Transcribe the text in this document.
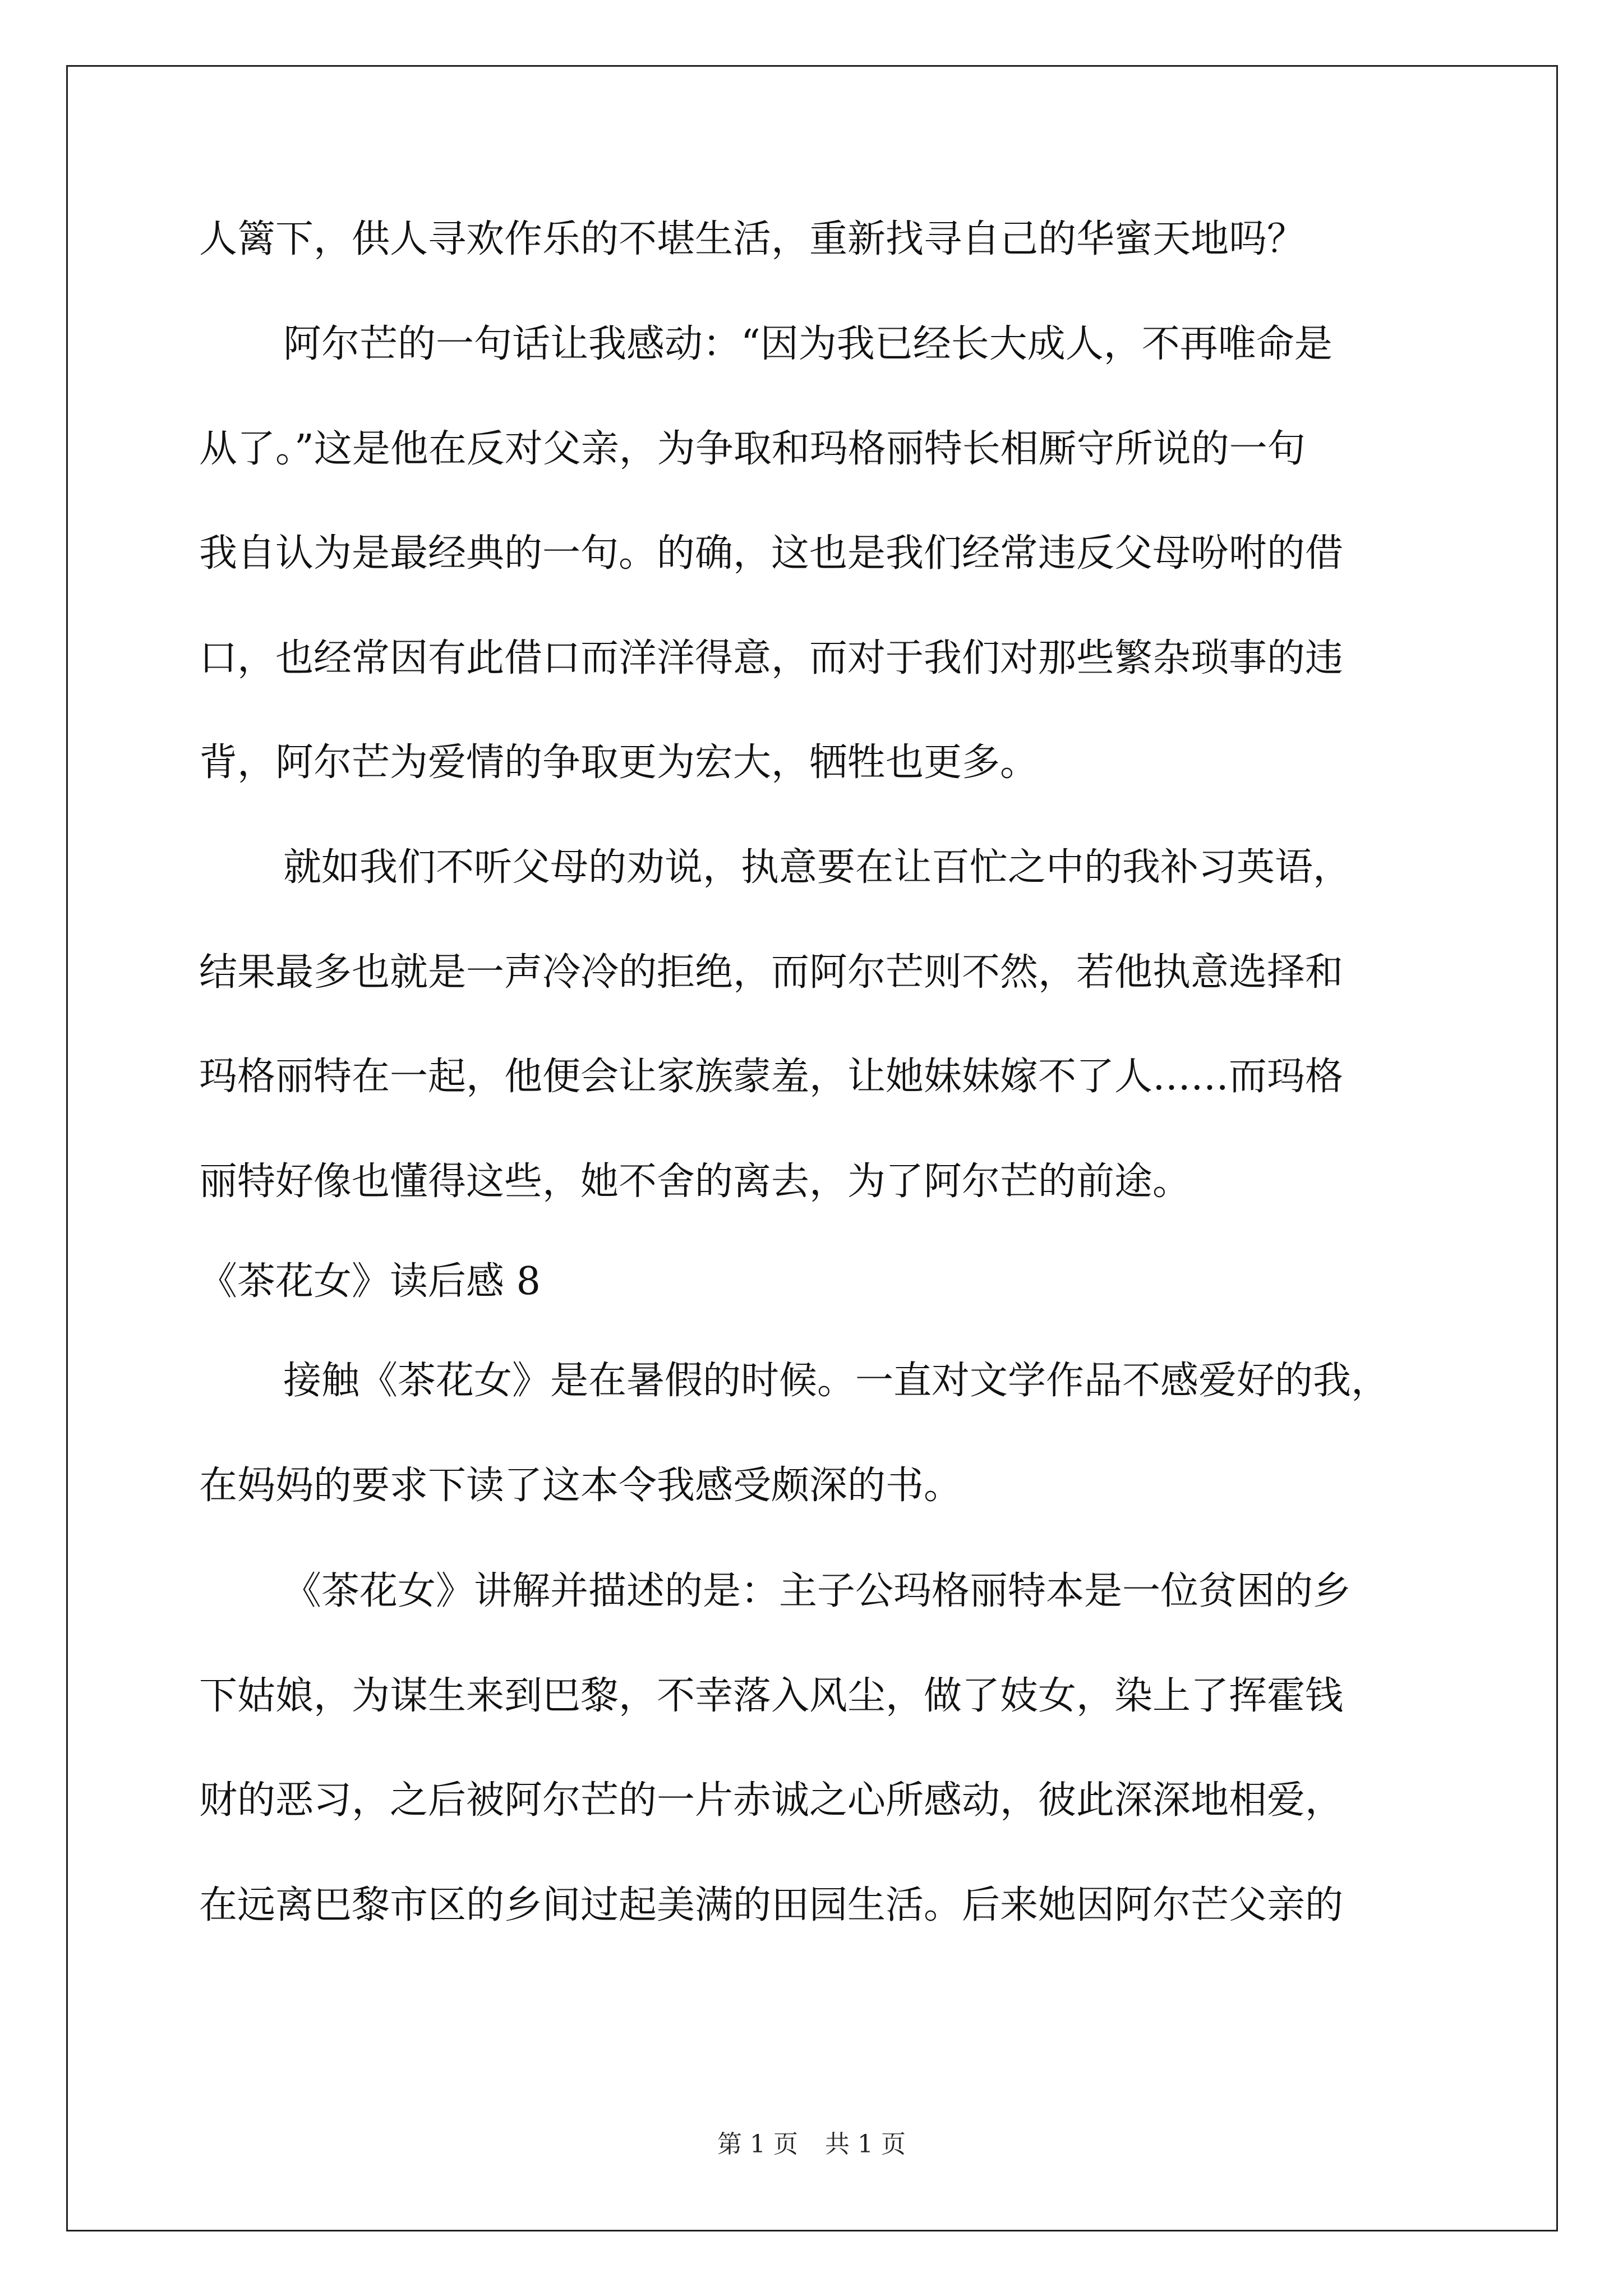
人篱下，供人寻欢作乐的不堪生活，重新找寻自己的华蜜天地吗？
阿尔芒的一句话让我感动：“因为我已经长大成人，不再唯命是
从了。”这是他在反对父亲，为争取和玛格丽特长相厮守所说的一句
我自认为是最经典的一句。的确，这也是我们经常违反父母吩咐的借
口，也经常因有此借口而洋洋得意，而对于我们对那些繁杂琐事的违
背，阿尔芒为爱情的争取更为宏大，牺牲也更多。
就如我们不听父母的劝说，执意要在让百忙之中的我补习英语，
结果最多也就是一声冷冷的拒绝，而阿尔芒则不然，若他执意选择和
玛格丽特在一起，他便会让家族蒙羞，让她妹妹嫁不了人……而玛格
丽特好像也懂得这些，她不舍的离去，为了阿尔芒的前途。
《茶花女》读后感 8
接触《茶花女》是在暑假的时候。一直对文学作品不感爱好的我，
在妈妈的要求下读了这本令我感受颇深的书。
《茶花女》讲解并描述的是：主子公玛格丽特本是一位贫困的乡
下姑娘，为谋生来到巴黎，不幸落入风尘，做了妓女，染上了挥霍钱
财的恶习，之后被阿尔芒的一片赤诚之心所感动，彼此深深地相爱，
在远离巴黎市区的乡间过起美满的田园生活。后来她因阿尔芒父亲的
第 1 页 共 1 页
